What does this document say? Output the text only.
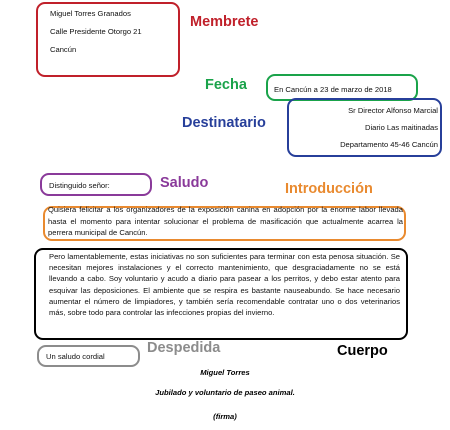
Miguel Torres Granados
Calle Presidente Otorgo 21
Cancún
Membrete
Fecha	En Cancún a 23 de marzo de 2018
Sr Director Alfonso Marcial
Diario Las maitinadas
Departamento 45-46 Cancún
Destinatario
Distinguido señor:	Saludo	Introducción
Quisiera felicitar a los organizadores de la exposición canina en adopción por la enorme labor llevada hasta el momento para intentar solucionar el problema de masificación que actualmente acarrea la perrera municipal de Cancún.
Pero lamentablemente, estas iniciativas no son suficientes para terminar con esta penosa situación. Se necesitan mejores instalaciones y el correcto mantenimiento, que desgraciadamente no se está llevando a cabo. Soy voluntario y acudo a diario para pasear a los perritos, y debo estar atento para esquivar las deposiciones. El ambiente que se respira es bastante nauseabundo. Se hace necesario aumentar el número de limpiadores, y también sería recomendable contratar uno o dos veterinarios más, sobre todo para controlar las infecciones propias del invierno.
Cuerpo
Un saludo cordial
Despedida
Miguel Torres
Jubilado y voluntario de paseo animal.
(firma)
